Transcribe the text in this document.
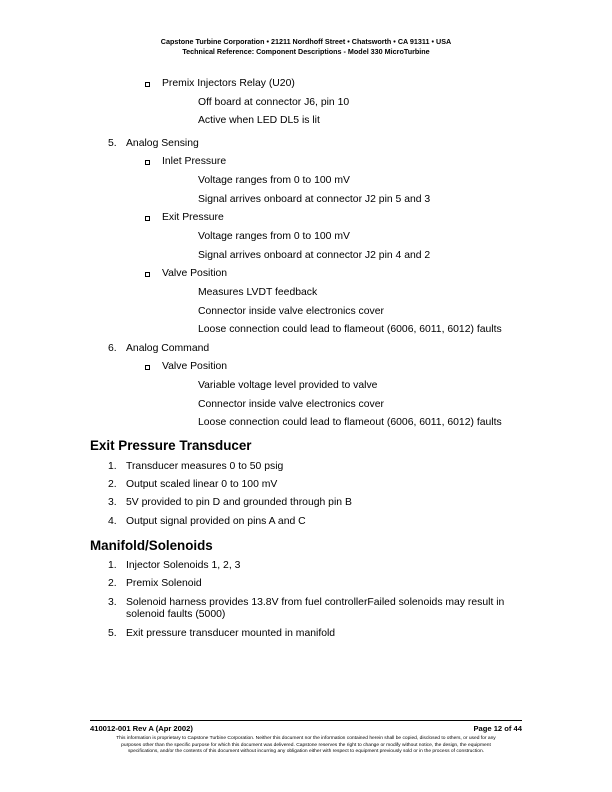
Capstone Turbine Corporation • 21211 Nordhoff Street • Chatsworth • CA 91311 • USA
Technical Reference: Component Descriptions - Model 330 MicroTurbine
Premix Injectors Relay (U20)
Off board at connector J6, pin 10
Active when LED DL5 is lit
5. Analog Sensing
Inlet Pressure
Voltage ranges from 0 to 100 mV
Signal arrives onboard at connector J2 pin 5 and 3
Exit Pressure
Voltage ranges from 0 to 100 mV
Signal arrives onboard at connector J2 pin 4 and 2
Valve Position
Measures LVDT feedback
Connector inside valve electronics cover
Loose connection could lead to flameout (6006, 6011, 6012) faults
6. Analog Command
Valve Position
Variable voltage level provided to valve
Connector inside valve electronics cover
Loose connection could lead to flameout (6006, 6011, 6012) faults
Exit Pressure Transducer
1. Transducer measures 0 to 50 psig
2. Output scaled linear 0 to 100 mV
3. 5V provided to pin D and grounded through pin B
4. Output signal provided on pins A and C
Manifold/Solenoids
1. Injector Solenoids 1, 2, 3
2. Premix Solenoid
3. Solenoid harness provides 13.8V from fuel controllerFailed solenoids may result in
solenoid faults (5000)
5. Exit pressure transducer mounted in manifold
410012-001 Rev A (Apr 2002)	Page 12 of 44
This information is proprietary to Capstone Turbine Corporation. Neither this document nor the information contained herein shall be copied, disclosed to others, or used for any
purposes other than the specific purpose for which this document was delivered. Capstone reserves the right to change or modify without notice, the design, the equipment
specifications, and/or the contents of this document without incurring any obligation either with respect to equipment previously sold or in the process of construction.
